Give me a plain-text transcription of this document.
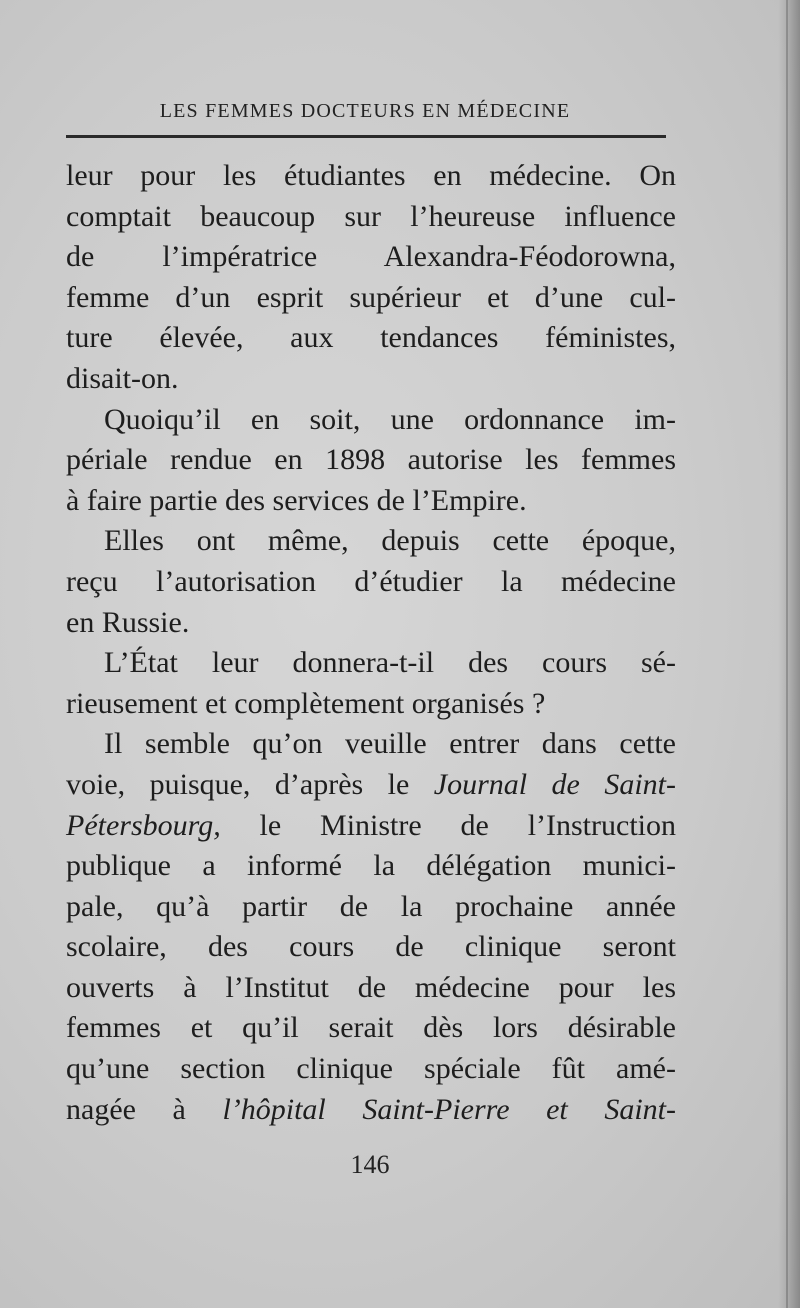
LES FEMMES DOCTEURS EN MÉDECINE
leur pour les étudiantes en médecine. On
comptait beaucoup sur l’heureuse influence
de l’impératrice Alexandra-Féodorowna,
femme d’un esprit supérieur et d’une cul-
ture élevée, aux tendances féministes,
disait-on.
Quoiqu’il en soit, une ordonnance im-
périale rendue en 1898 autorise les femmes
à faire partie des services de l’Empire.
Elles ont même, depuis cette époque,
reçu l’autorisation d’étudier la médecine
en Russie.
L’État leur donnera-t-il des cours sé-
rieusement et complètement organisés ?
Il semble qu’on veuille entrer dans cette
voie, puisque, d’après le Journal de Saint-
Pétersbourg, le Ministre de l’Instruction
publique a informé la délégation munici-
pale, qu’à partir de la prochaine année
scolaire, des cours de clinique seront
ouverts à l’Institut de médecine pour les
femmes et qu’il serait dès lors désirable
qu’une section clinique spéciale fût amé-
nagée à l’hôpital Saint-Pierre et Saint-
146
